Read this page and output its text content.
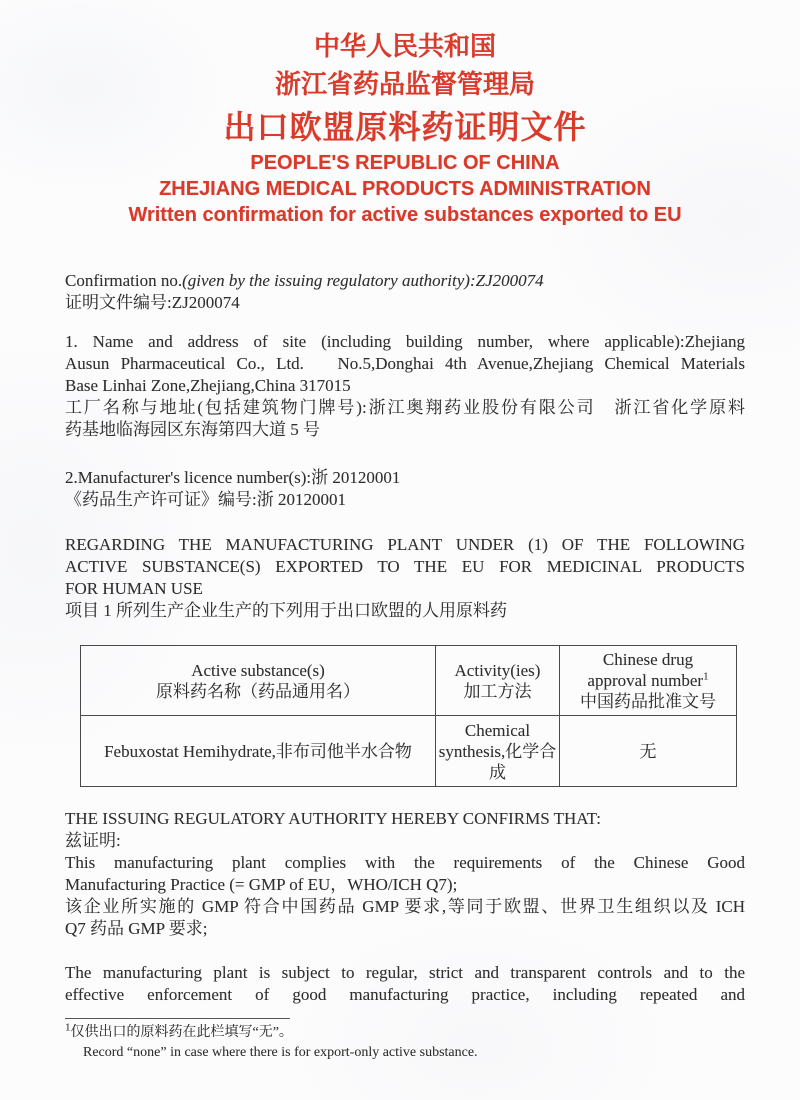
中华人民共和国
浙江省药品监督管理局
出口欧盟原料药证明文件
PEOPLE'S REPUBLIC OF CHINA
ZHEJIANG MEDICAL PRODUCTS ADMINISTRATION
Written confirmation for active substances exported to EU
Confirmation no.(given by the issuing regulatory authority):ZJ200074
证明文件编号:ZJ200074
1. Name and address of site (including building number, where applicable):Zhejiang
Ausun Pharmaceutical Co., Ltd.   No.5,Donghai 4th Avenue,Zhejiang Chemical Materials
Base Linhai Zone,Zhejiang,China 317015
工厂名称与地址(包括建筑物门牌号):浙江奥翔药业股份有限公司　浙江省化学原料
药基地临海园区东海第四大道 5 号
2.Manufacturer's licence number(s):浙 20120001
《药品生产许可证》编号:浙 20120001
REGARDING THE MANUFACTURING PLANT UNDER (1) OF THE FOLLOWING
ACTIVE SUBSTANCE(S) EXPORTED TO THE EU FOR MEDICINAL PRODUCTS
FOR HUMAN USE
项目 1 所列生产企业生产的下列用于出口欧盟的人用原料药
Active substance(s)
原料药名称（药品通用名）

Activity(ies)
加工方法

Chinese drug
approval number$^1$
中国药品批准文号

Febuxostat Hemihydrate,非布司他半水合物	Chemical synthesis,化学合成	无
THE ISSUING REGULATORY AUTHORITY HEREBY CONFIRMS THAT:
兹证明:
This manufacturing plant complies with the requirements of the Chinese Good
Manufacturing Practice (= GMP of EU，WHO/ICH Q7);
该企业所实施的 GMP 符合中国药品 GMP 要求,等同于欧盟、世界卫生组织以及 ICH
Q7 药品 GMP 要求;
The manufacturing plant is subject to regular, strict and transparent controls and to the
effective enforcement of good manufacturing practice, including repeated and
$^1$仅供出口的原料药在此栏填写“无”。
Record “none” in case where there is for export-only active substance.
